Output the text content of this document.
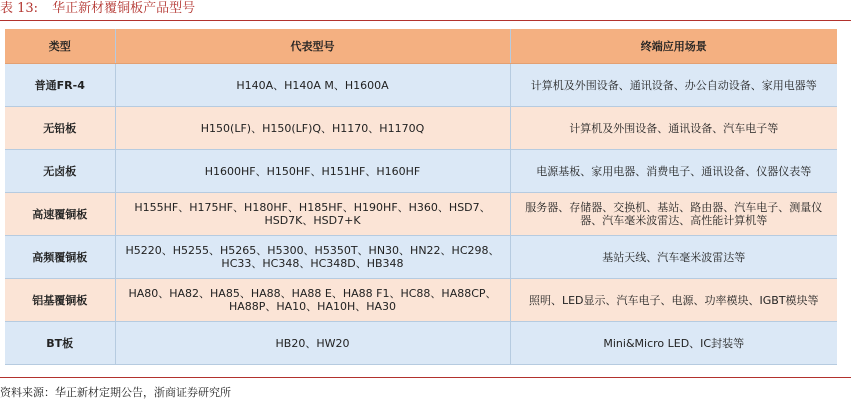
表 13: 华正新材覆铜板产品型号
类型	代表型号	终端应用场景
普通FR-4	H140A、H140A M、H1600A	计算机及外围设备、通讯设备、办公自动设备、家用电器等
无铅板	H150(LF)、H150(LF)Q、H1170、H1170Q	计算机及外围设备、通讯设备、汽车电子等
无卤板	H1600HF、H150HF、H151HF、H160HF	电源基板、家用电器、消费电子、通讯设备、仪器仪表等
高速覆铜板	H155HF、H175HF、H180HF、H185HF、H190HF、H360、HSD7、HSD7K、HSD7+K	服务器、存储器、交换机、基站、路由器、汽车电子、测量仪器、汽车毫米波雷达、高性能计算机等
高频覆铜板	H5220、H5255、H5265、H5300、H5350T、HN30、HN22、HC298、HC33、HC348、HC348D、HB348	基站天线、汽车毫米波雷达等
铝基覆铜板	HA80、HA82、HA85、HA88、HA88 E、HA88 F1、HC88、HA88CP、HA88P、HA10、HA10H、HA30	照明、LED显示、汽车电子、电源、功率模块、IGBT模块等
BT板	HB20、HW20	Mini&Micro LED、IC封装等
资料来源：华正新材定期公告，浙商证券研究所
